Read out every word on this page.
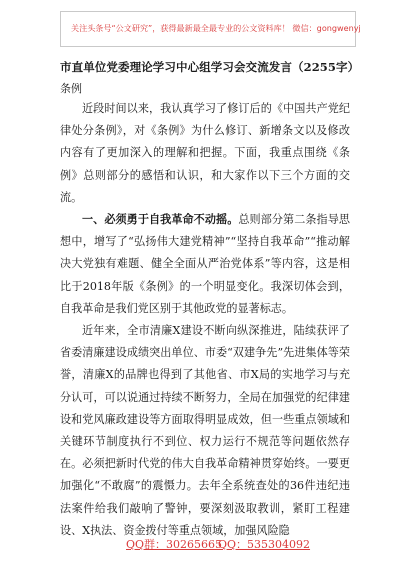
关注头条号“公文研究”，获得最新最全最专业的公文资料库！ 微信：gongwenyj
市直单位党委理论学习中心组学习会交流发言（2255字）
条例

近段时间以来，我认真学习了修订后的《中国共产党纪律处分条例》，对《条例》为什么修订、新增条文以及修改内容有了更加深入的理解和把握。下面，我重点围绕《条例》总则部分的感悟和认识，和大家作以下三个方面的交流。

一、必须勇于自我革命不动摇。总则部分第二条指导思想中，增写了“弘扬伟大建党精神”“坚持自我革命”“推动解决大党独有难题、健全全面从严治党体系”等内容，这是相比于2018年版《条例》的一个明显变化。我深切体会到，自我革命是我们党区别于其他政党的显著标志。

近年来，全市清廉X建设不断向纵深推进，陆续获评了省委清廉建设成绩突出单位、市委“双建争先”先进集体等荣誉，清廉X的品牌也得到了其他省、市X局的实地学习与充分认可，可以说通过持续不断努力，全局在加强党的纪律建设和党风廉政建设等方面取得明显成效，但一些重点领域和关键环节制度执行不到位、权力运行不规范等问题依然存在。必须把新时代党的伟大自我革命精神贯穿始终。一要更加强化“不敢腐”的震慑力。去年全系统查处的36件违纪违法案件给我们敲响了警钟，要深刻汲取教训，紧盯工程建设、X执法、资金拨付等重点领域，加强风险隐

QQ群：30265665
QQ：535304092
